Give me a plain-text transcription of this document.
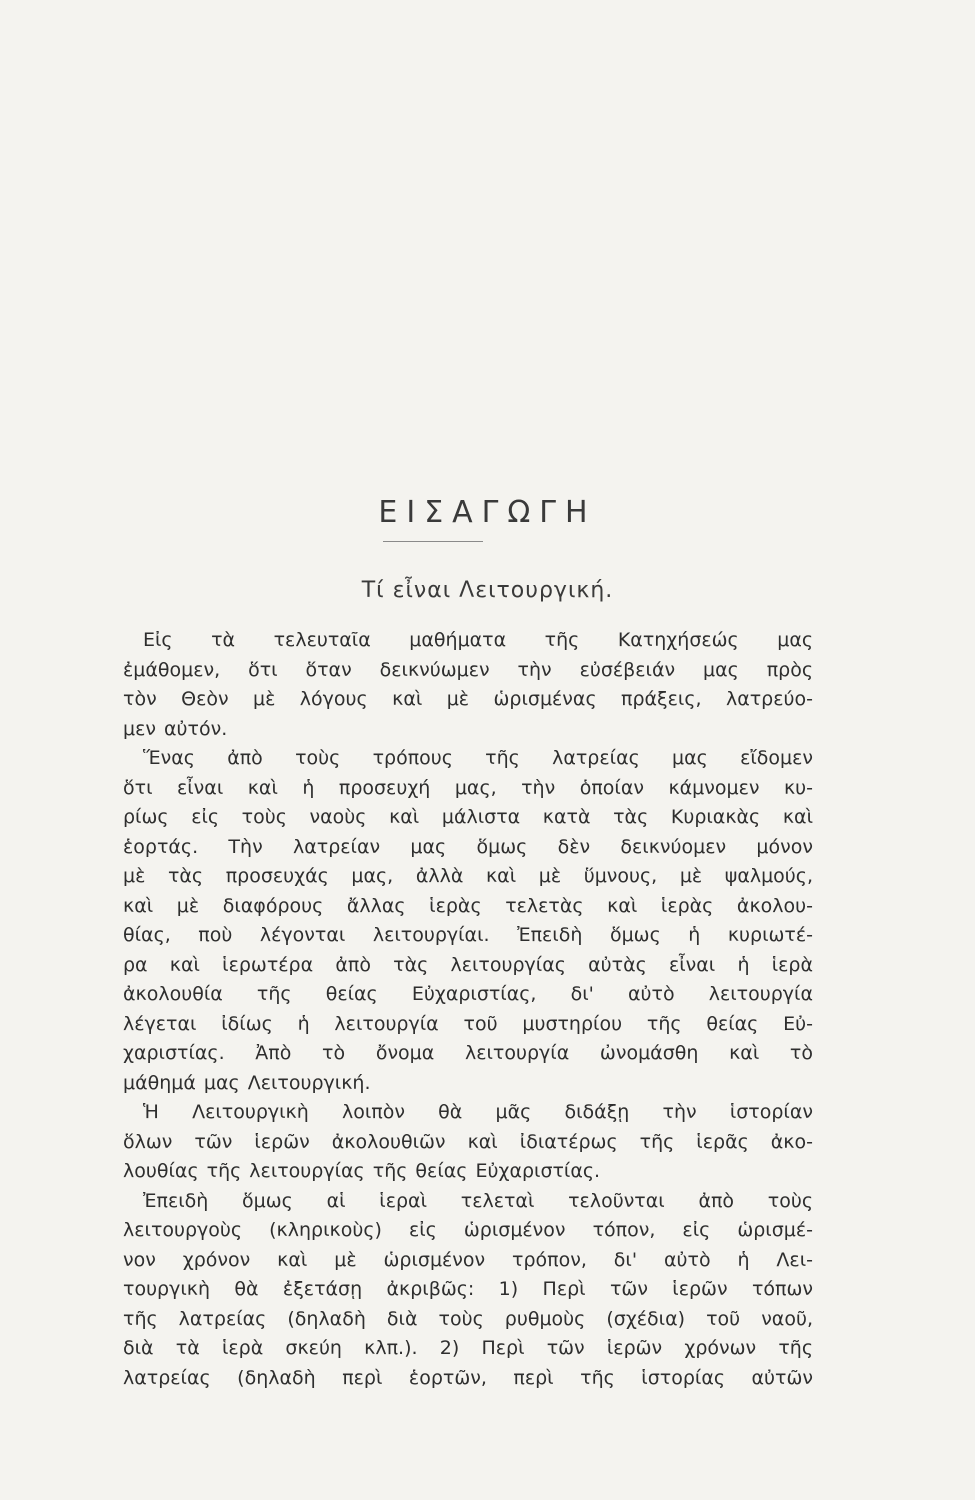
ΕΙΣΑΓΩΓΗ
Τί εἶναι Λειτουργική.
Εἰς τὰ τελευταῖα μαθήματα τῆς Κατηχήσεώς μας
ἐμάθομεν, ὅτι ὅταν δεικνύωμεν τὴν εὐσέβειάν μας πρὸς
τὸν Θεὸν μὲ λόγους καὶ μὲ ὡρισμένας πράξεις, λατρεύο-
μεν αὐτόν.
Ἕνας ἀπὸ τοὺς τρόπους τῆς λατρείας μας εἴδομεν
ὅτι εἶναι καὶ ἡ προσευχή μας, τὴν ὁποίαν κάμνομεν κυ-
ρίως εἰς τοὺς ναοὺς καὶ μάλιστα κατὰ τὰς Κυριακὰς καὶ
ἑορτάς. Τὴν λατρείαν μας ὅμως δὲν δεικνύομεν μόνον
μὲ τὰς προσευχάς μας, ἀλλὰ καὶ μὲ ὕμνους, μὲ ψαλμούς,
καὶ μὲ διαφόρους ἄλλας ἱερὰς τελετὰς καὶ ἱερὰς ἀκολου-
θίας, ποὺ λέγονται λειτουργίαι. Ἐπειδὴ ὅμως ἡ κυριωτέ-
ρα καὶ ἱερωτέρα ἀπὸ τὰς λειτουργίας αὐτὰς εἶναι ἡ ἱερὰ
ἀκολουθία τῆς θείας Εὐχαριστίας, δι' αὐτὸ λειτουργία
λέγεται ἰδίως ἡ λειτουργία τοῦ μυστηρίου τῆς θείας Εὐ-
χαριστίας. Ἀπὸ τὸ ὄνομα λειτουργία ὠνομάσθη καὶ τὸ
μάθημά μας Λειτουργική.
Ἡ Λειτουργικὴ λοιπὸν θὰ μᾶς διδάξῃ τὴν ἱστορίαν
ὅλων τῶν ἱερῶν ἀκολουθιῶν καὶ ἰδιατέρως τῆς ἱερᾶς ἀκο-
λουθίας τῆς λειτουργίας τῆς θείας Εὐχαριστίας.
Ἐπειδὴ ὅμως αἱ ἱεραὶ τελεταὶ τελοῦνται ἀπὸ τοὺς
λειτουργοὺς (κληρικοὺς) εἰς ὡρισμένον τόπον, εἰς ὡρισμέ-
νον χρόνον καὶ μὲ ὡρισμένον τρόπον, δι' αὐτὸ ἡ Λει-
τουργικὴ θὰ ἐξετάσῃ ἀκριβῶς: 1) Περὶ τῶν ἱερῶν τόπων
τῆς λατρείας (δηλαδὴ διὰ τοὺς ρυθμοὺς (σχέδια) τοῦ ναοῦ,
διὰ τὰ ἱερὰ σκεύη κλπ.). 2) Περὶ τῶν ἱερῶν χρόνων τῆς
λατρείας (δηλαδὴ περὶ ἑορτῶν, περὶ τῆς ἱστορίας αὐτῶν
